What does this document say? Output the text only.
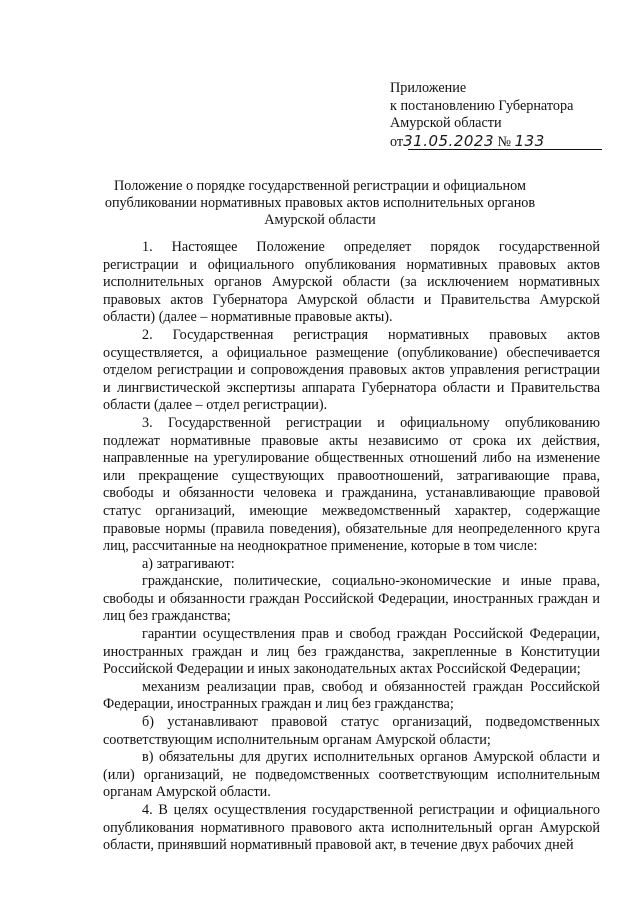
Приложение
к постановлению Губернатора
Амурской области
от31.05.2023 № 133
Положение о порядке государственной регистрации и официальном
опубликовании нормативных правовых актов исполнительных органов
Амурской области

1. Настоящее Положение определяет порядок государственной регистрации и официального опубликования нормативных правовых актов исполнительных органов Амурской области (за исключением нормативных правовых актов Губернатора Амурской области и Правительства Амурской области) (далее – нормативные правовые акты).

2. Государственная регистрация нормативных правовых актов осуществляется, а официальное размещение (опубликование) обеспечивается отделом регистрации и сопровождения правовых актов управления регистрации и лингвистической экспертизы аппарата Губернатора области и Правительства области (далее – отдел регистрации).

3. Государственной регистрации и официальному опубликованию подлежат нормативные правовые акты независимо от срока их действия, направленные на урегулирование общественных отношений либо на изменение или прекращение существующих правоотношений, затрагивающие права, свободы и обязанности человека и гражданина, устанавливающие правовой статус организаций, имеющие межведомственный характер, содержащие правовые нормы (правила поведения), обязательные для неопределенного круга лиц, рассчитанные на неоднократное применение, которые в том числе:

а) затрагивают:

гражданские, политические, социально-экономические и иные права, свободы и обязанности граждан Российской Федерации, иностранных граждан и лиц без гражданства;

гарантии осуществления прав и свобод граждан Российской Федерации, иностранных граждан и лиц без гражданства, закрепленные в Конституции Российской Федерации и иных законодательных актах Российской Федерации;

механизм реализации прав, свобод и обязанностей граждан Российской Федерации, иностранных граждан и лиц без гражданства;

б) устанавливают правовой статус организаций, подведомственных соответствующим исполнительным органам Амурской области;

в) обязательны для других исполнительных органов Амурской области и (или) организаций, не подведомственных соответствующим исполнительным органам Амурской области.

4. В целях осуществления государственной регистрации и официального опубликования нормативного правового акта исполнительный орган Амурской области, принявший нормативный правовой акт, в течение двух рабочих дней
